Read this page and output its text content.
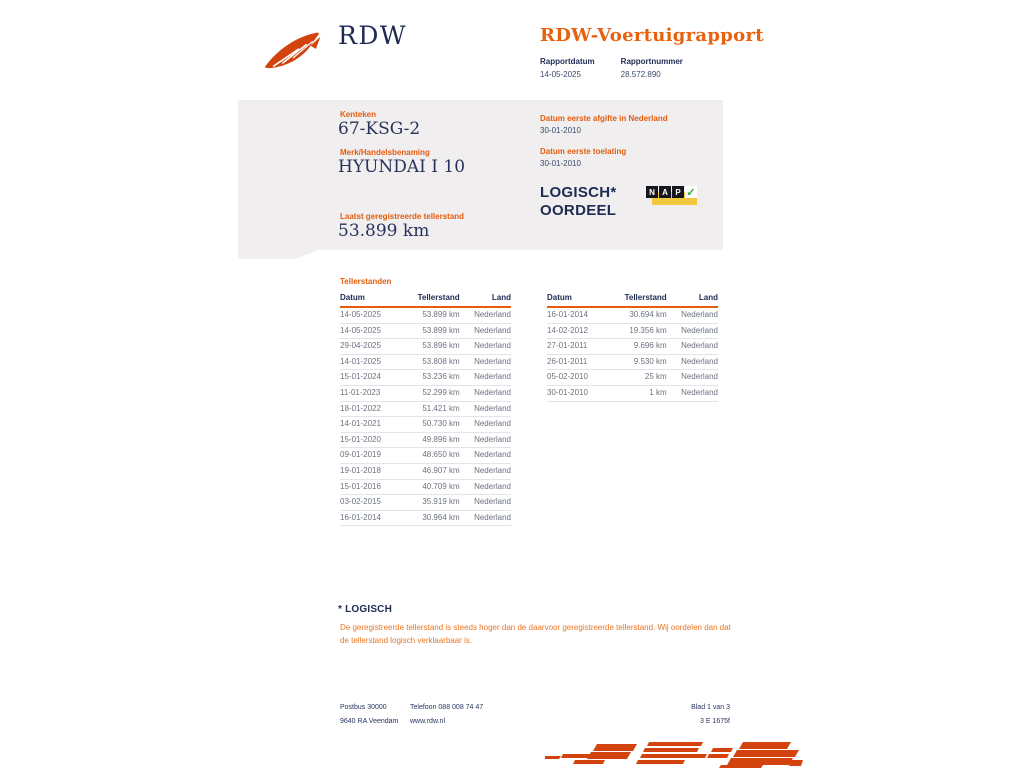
RDW	RDW-Voertuigrapport
Rapportdatum
14-05-2025
Rapportnummer
28.572.890
Kenteken
67-KSG-2
Merk/Handelsbenaming
HYUNDAI I 10
Laatst geregistreerde tellerstand
53.899 km
Datum eerste afgifte in Nederland
30-01-2010
Datum eerste toelating
30-01-2010
LOGISCH*
OORDEEL
N A P ✓
Tellerstanden
Datum	Tellerstand	Land
14-05-2025	53.899 km	Nederland
14-05-2025	53.899 km	Nederland
29-04-2025	53.896 km	Nederland
14-01-2025	53.808 km	Nederland
15-01-2024	53.236 km	Nederland
11-01-2023	52.299 km	Nederland
18-01-2022	51.421 km	Nederland
14-01-2021	50.730 km	Nederland
15-01-2020	49.896 km	Nederland
09-01-2019	48.650 km	Nederland
19-01-2018	46.907 km	Nederland
15-01-2016	40.709 km	Nederland
03-02-2015	35.919 km	Nederland
16-01-2014	30.964 km	Nederland
Datum	Tellerstand	Land
16-01-2014	30.694 km	Nederland
14-02-2012	19.356 km	Nederland
27-01-2011	9.696 km	Nederland
26-01-2011	9.530 km	Nederland
05-02-2010	25 km	Nederland
30-01-2010	1 km	Nederland
* LOGISCH
De geregistreerde tellerstand is steeds hoger dan de daarvoor geregistreerde tellerstand. Wij oordelen dan dat de tellerstand logisch verklaarbaar is.
Postbus 30000
9640 RA Veendam
Telefoon 088 008 74 47
www.rdw.nl
Blad 1 van 3
3 E 1675f
